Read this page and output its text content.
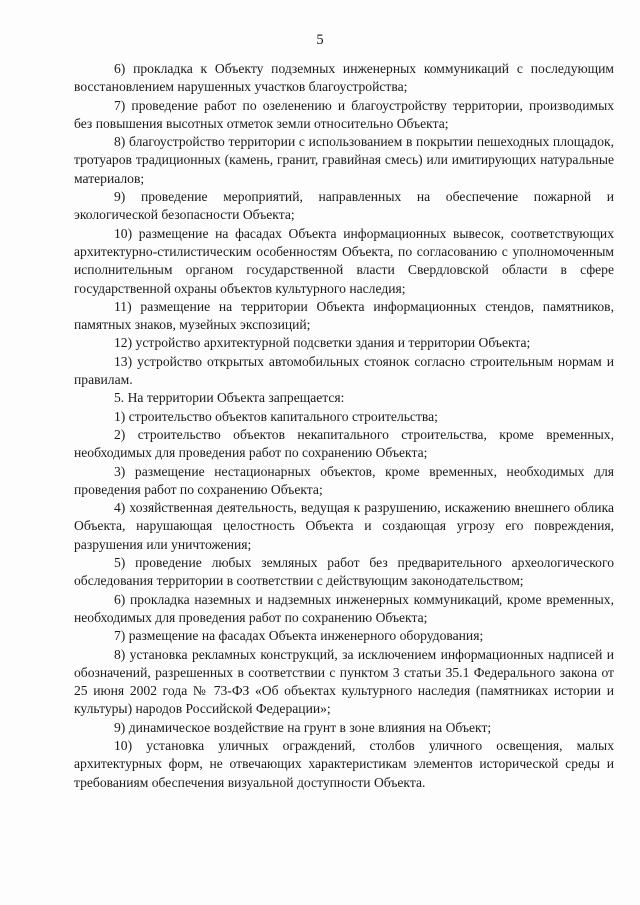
5

6) прокладка к Объекту подземных инженерных коммуникаций с последующим восстановлением нарушенных участков благоустройства;

7) проведение работ по озеленению и благоустройству территории, производимых без повышения высотных отметок земли относительно Объекта;

8) благоустройство территории с использованием в покрытии пешеходных площадок, тротуаров традиционных (камень, гранит, гравийная смесь) или имитирующих натуральные материалов;

9) проведение мероприятий, направленных на обеспечение пожарной и экологической безопасности Объекта;

10) размещение на фасадах Объекта информационных вывесок, соответствующих архитектурно-стилистическим особенностям Объекта, по согласованию с уполномоченным исполнительным органом государственной власти Свердловской области в сфере государственной охраны объектов культурного наследия;

11) размещение на территории Объекта информационных стендов, памятников, памятных знаков, музейных экспозиций;

12) устройство архитектурной подсветки здания и территории Объекта;

13) устройство открытых автомобильных стоянок согласно строительным нормам и правилам.

5. На территории Объекта запрещается:

1) строительство объектов капитального строительства;

2) строительство объектов некапитального строительства, кроме временных, необходимых для проведения работ по сохранению Объекта;

3) размещение нестационарных объектов, кроме временных, необходимых для проведения работ по сохранению Объекта;

4) хозяйственная деятельность, ведущая к разрушению, искажению внешнего облика Объекта, нарушающая целостность Объекта и создающая угрозу его повреждения, разрушения или уничтожения;

5) проведение любых земляных работ без предварительного археологического обследования территории в соответствии с действующим законодательством;

6) прокладка наземных и надземных инженерных коммуникаций, кроме временных, необходимых для проведения работ по сохранению Объекта;

7) размещение на фасадах Объекта инженерного оборудования;

8) установка рекламных конструкций, за исключением информационных надписей и обозначений, разрешенных в соответствии с пунктом 3 статьи 35.1 Федерального закона от 25 июня 2002 года № 73-ФЗ «Об объектах культурного наследия (памятниках истории и культуры) народов Российской Федерации»;

9) динамическое воздействие на грунт в зоне влияния на Объект;

10) установка уличных ограждений, столбов уличного освещения, малых архитектурных форм, не отвечающих характеристикам элементов исторической среды и требованиям обеспечения визуальной доступности Объекта.
